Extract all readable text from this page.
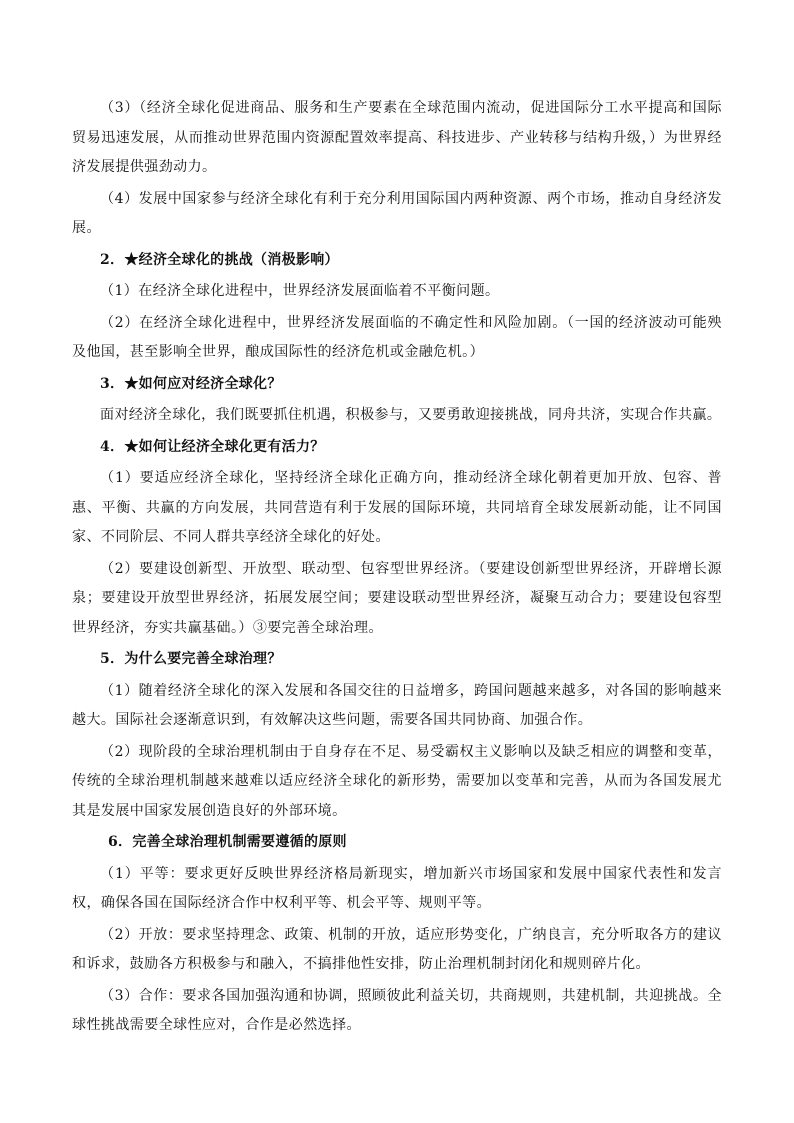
（3）（经济全球化促进商品、服务和生产要素在全球范围内流动，促进国际分工水平提高和国际贸易迅速发展，从而推动世界范围内资源配置效率提高、科技进步、产业转移与结构升级，）为世界经济发展提供强劲动力。

（4）发展中国家参与经济全球化有利于充分利用国际国内两种资源、两个市场，推动自身经济发展。

2．★经济全球化的挑战（消极影响）

（1）在经济全球化进程中，世界经济发展面临着不平衡问题。

（2）在经济全球化进程中，世界经济发展面临的不确定性和风险加剧。（一国的经济波动可能殃及他国，甚至影响全世界，酿成国际性的经济危机或金融危机。）

3．★如何应对经济全球化？

面对经济全球化，我们既要抓住机遇，积极参与，又要勇敢迎接挑战，同舟共济，实现合作共赢。

4．★如何让经济全球化更有活力？

（1）要适应经济全球化，坚持经济全球化正确方向，推动经济全球化朝着更加开放、包容、普惠、平衡、共赢的方向发展，共同营造有利于发展的国际环境，共同培育全球发展新动能，让不同国家、不同阶层、不同人群共享经济全球化的好处。

（2）要建设创新型、开放型、联动型、包容型世界经济。（要建设创新型世界经济，开辟增长源泉；要建设开放型世界经济，拓展发展空间；要建设联动型世界经济，凝聚互动合力；要建设包容型世界经济，夯实共赢基础。）③要完善全球治理。

5．为什么要完善全球治理？

（1）随着经济全球化的深入发展和各国交往的日益增多，跨国问题越来越多，对各国的影响越来越大。国际社会逐渐意识到，有效解决这些问题，需要各国共同协商、加强合作。

（2）现阶段的全球治理机制由于自身存在不足、易受霸权主义影响以及缺乏相应的调整和变革，传统的全球治理机制越来越难以适应经济全球化的新形势，需要加以变革和完善，从而为各国发展尤其是发展中国家发展创造良好的外部环境。

6．完善全球治理机制需要遵循的原则

（1）平等：要求更好反映世界经济格局新现实，增加新兴市场国家和发展中国家代表性和发言权，确保各国在国际经济合作中权利平等、机会平等、规则平等。

（2）开放：要求坚持理念、政策、机制的开放，适应形势变化，广纳良言，充分听取各方的建议和诉求，鼓励各方积极参与和融入，不搞排他性安排，防止治理机制封闭化和规则碎片化。

（3）合作：要求各国加强沟通和协调，照顾彼此利益关切，共商规则，共建机制，共迎挑战。全球性挑战需要全球性应对，合作是必然选择。
